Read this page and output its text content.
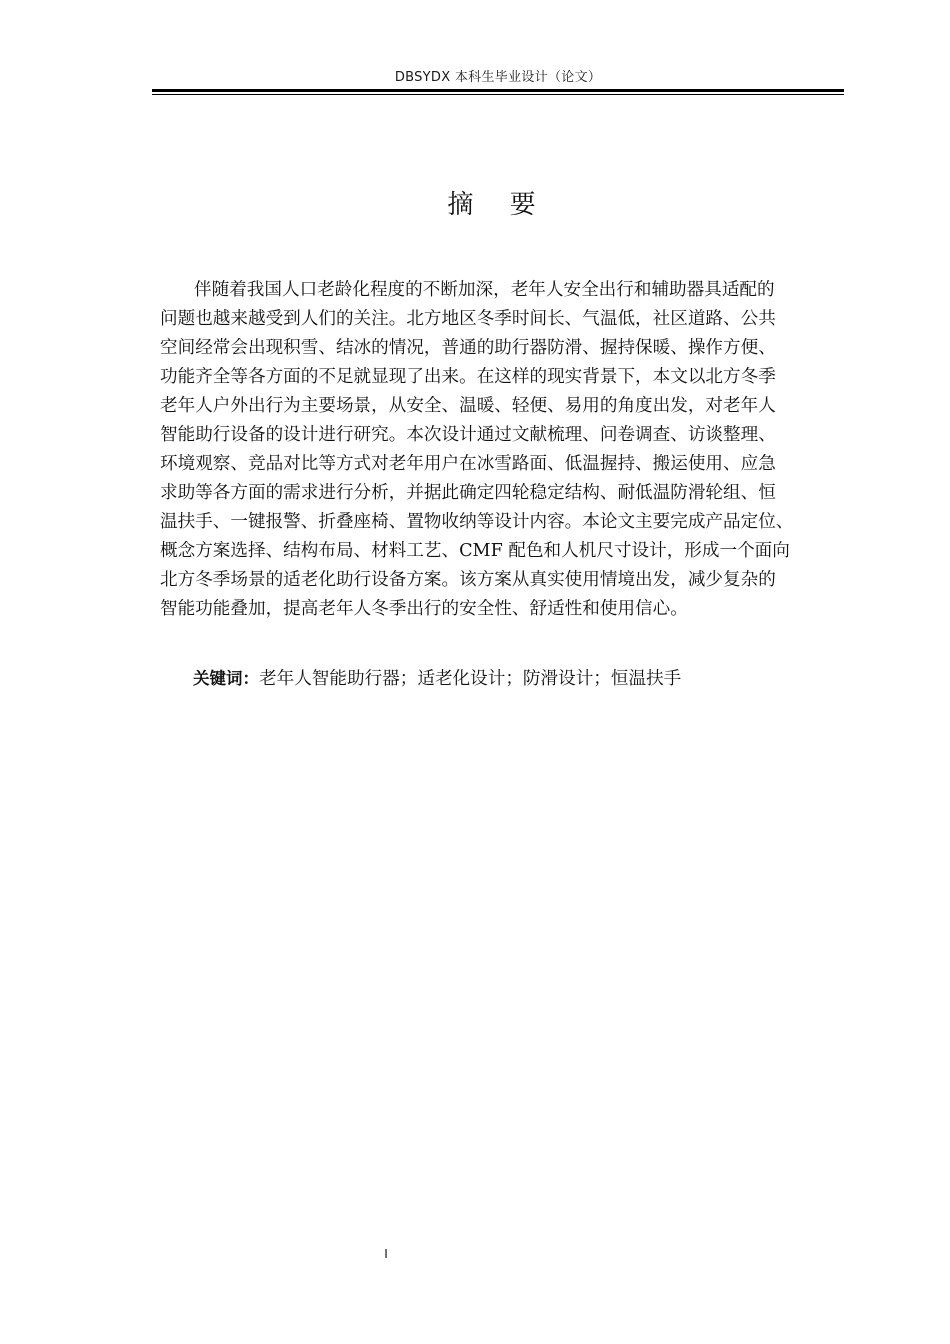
DBSYDX 本科生毕业设计（论文）
摘 要
伴随着我国人口老龄化程度的不断加深，老年人安全出行和辅助器具适配的
问题也越来越受到人们的关注。北方地区冬季时间长、气温低，社区道路、公共
空间经常会出现积雪、结冰的情况，普通的助行器防滑、握持保暖、操作方便、
功能齐全等各方面的不足就显现了出来。在这样的现实背景下，本文以北方冬季
老年人户外出行为主要场景，从安全、温暖、轻便、易用的角度出发，对老年人
智能助行设备的设计进行研究。本次设计通过文献梳理、问卷调查、访谈整理、
环境观察、竞品对比等方式对老年用户在冰雪路面、低温握持、搬运使用、应急
求助等各方面的需求进行分析，并据此确定四轮稳定结构、耐低温防滑轮组、恒
温扶手、一键报警、折叠座椅、置物收纳等设计内容。本论文主要完成产品定位、
概念方案选择、结构布局、材料工艺、CMF 配色和人机尺寸设计，形成一个面向
北方冬季场景的适老化助行设备方案。该方案从真实使用情境出发，减少复杂的
智能功能叠加，提高老年人冬季出行的安全性、舒适性和使用信心。
关键词：老年人智能助行器；适老化设计；防滑设计；恒温扶手
I
